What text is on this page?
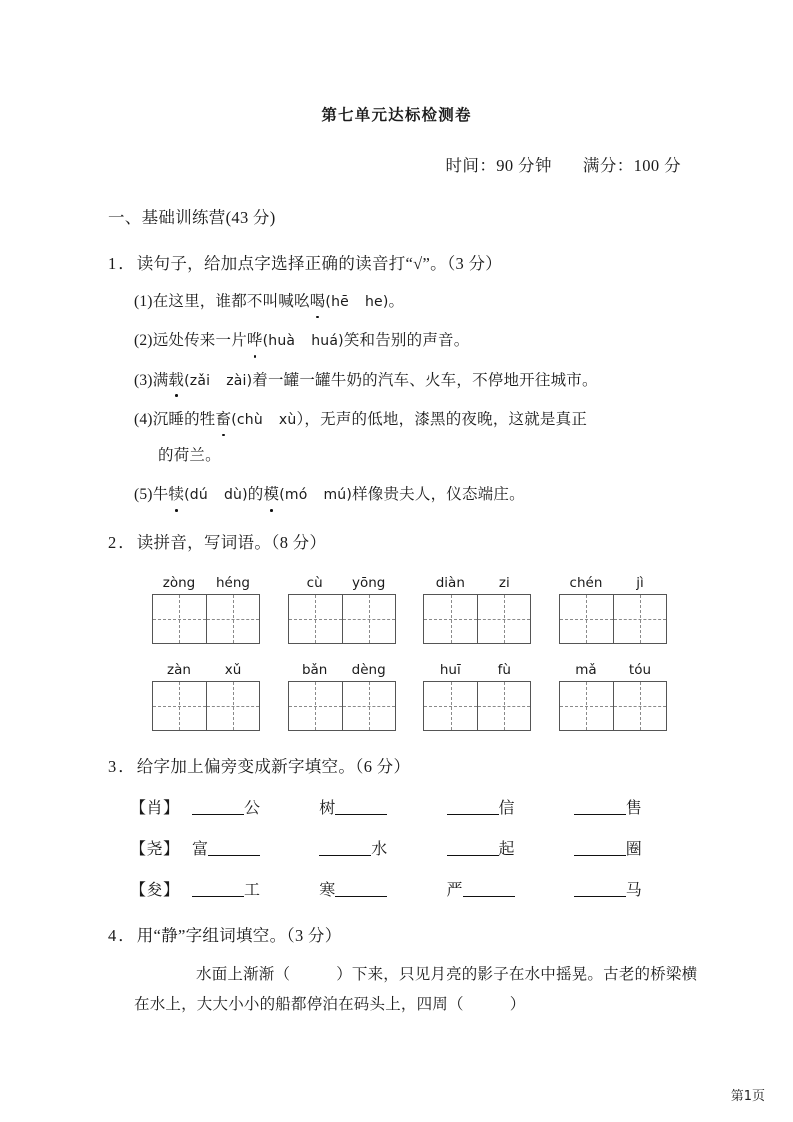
第七单元达标检测卷
时间：90 分钟 满分：100 分
一、基础训练营(43 分)
1．读句子，给加点字选择正确的读音打“√”。（3 分）
(1)在这里，谁都不叫喊吆喝(hē he)。
(2)远处传来一片哗(huà huá)笑和告别的声音。
(3)满载(zǎi zài)着一罐一罐牛奶的汽车、火车，不停地开往城市。
(4)沉睡的牲畜(chù xù），无声的低地，漆黑的夜晚，这就是真正
的荷兰。
(5)牛犊(dú dù)的模(mó mú)样像贵夫人，仪态端庄。
2．读拼音，写词语。（8 分）
zòng	héng	cù	yōng	diàn	zi	chén	jì
zàn	xǔ	bǎn	dèng	huī	fù	mǎ	tóu
3．给字加上偏旁变成新字填空。（6 分）
【肖】	公	树	信	售
【尧】 富	水	起	圈
【夋】	工	寒	严	马
4．用“静”字组词填空。（3 分）
水面上渐渐（	）下来，只见月亮的影子在水中摇晃。古老的桥梁横在水上，大大小小的船都停泊在码头上，四周（	）
第1页
